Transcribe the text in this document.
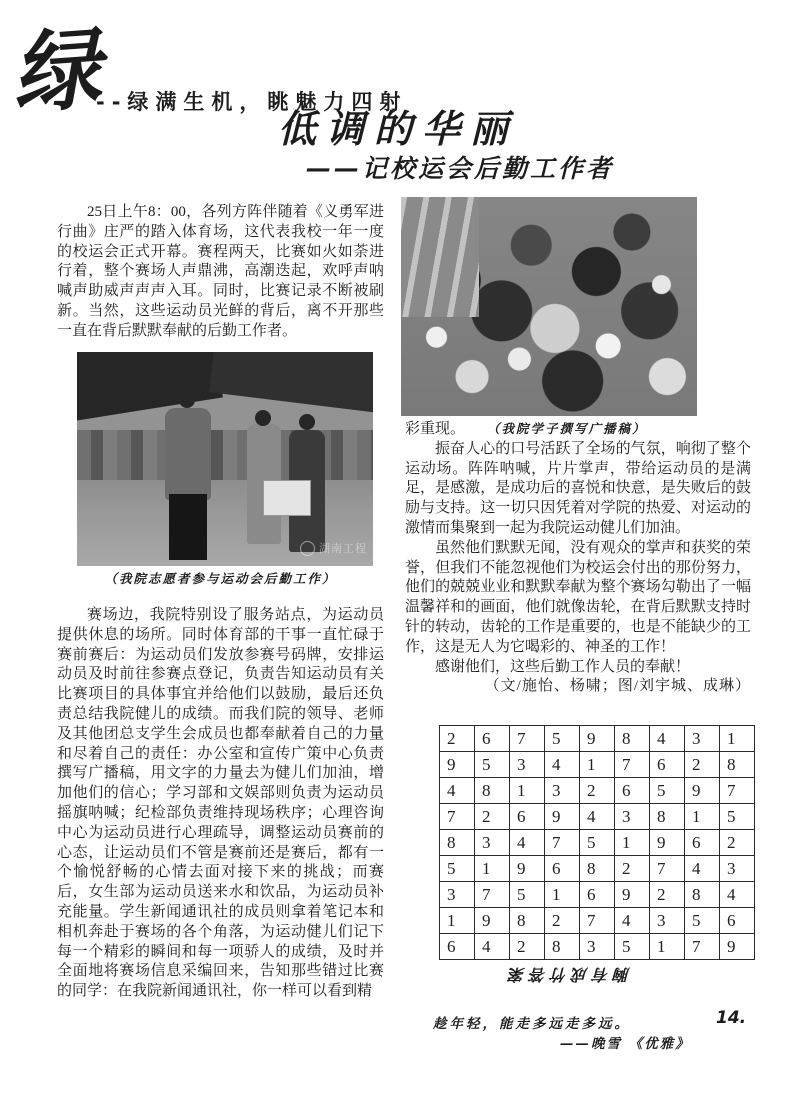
绿
--绿满生机，眺魅力四射
低调的华丽
——记校运会后勤工作者

25日上午8：00，各列方阵伴随着《义勇军进行曲》庄严的踏入体育场，这代表我校一年一度的校运会正式开幕。赛程两天，比赛如火如荼进行着，整个赛场人声鼎沸，高潮迭起，欢呼声呐喊声助威声声声入耳。同时，比赛记录不断被刷新。当然，这些运动员光鲜的背后，离不开那些一直在背后默默奉献的后勤工作者。

湖南工程
（我院志愿者参与运动会后勤工作）

赛场边，我院特别设了服务站点，为运动员提供休息的场所。同时体育部的干事一直忙碌于赛前赛后：为运动员们发放参赛号码牌，安排运动员及时前往参赛点登记，负责告知运动员有关比赛项目的具体事宜并给他们以鼓励，最后还负责总结我院健儿的成绩。而我们院的领导、老师及其他团总支学生会成员也都奉献着自己的力量和尽着自己的责任：办公室和宣传广策中心负责撰写广播稿，用文字的力量去为健儿们加油，增加他们的信心；学习部和文娱部则负责为运动员摇旗呐喊；纪检部负责维持现场秩序；心理咨询中心为运动员进行心理疏导，调整运动员赛前的心态，让运动员们不管是赛前还是赛后，都有一个愉悦舒畅的心情去面对接下来的挑战；而赛后，女生部为运动员送来水和饮品，为运动员补充能量。学生新闻通讯社的成员则拿着笔记本和相机奔赴于赛场的各个角落，为运动健儿们记下每一个精彩的瞬间和每一项骄人的成绩，及时并全面地将赛场信息采编回来，告知那些错过比赛的同学：在我院新闻通讯社，你一样可以看到精

彩重现。 （我院学子撰写广播稿）

振奋人心的口号活跃了全场的气氛，响彻了整个运动场。阵阵呐喊，片片掌声，带给运动员的是满足，是感激，是成功后的喜悦和快意，是失败后的鼓励与支持。这一切只因凭着对学院的热爱、对运动的激情而集聚到一起为我院运动健儿们加油。

虽然他们默默无闻，没有观众的掌声和获奖的荣誉，但我们不能忽视他们为校运会付出的那份努力，他们的兢兢业业和默默奉献为整个赛场勾勒出了一幅温馨祥和的画面，他们就像齿轮，在背后默默支持时针的转动，齿轮的工作是重要的，也是不能缺少的工作，这是无人为它喝彩的、神圣的工作！

感谢他们，这些后勤工作人员的奉献！

（文/施怡、杨啸；图/刘宇城、成琳）
2	6	7	5	9	8	4	3	1
9	5	3	4	1	7	6	2	8
4	8	1	3	2	6	5	9	7
7	2	6	9	4	3	8	1	5
8	3	4	7	5	1	9	6	2
5	1	9	6	8	2	7	4	3
3	7	5	1	6	9	2	8	4
1	9	8	2	7	4	3	5	6
6	4	2	8	3	5	1	7	9
胸有成竹答案
趁年轻，能走多远走多远。
——晚雪 《优雅》
14.
